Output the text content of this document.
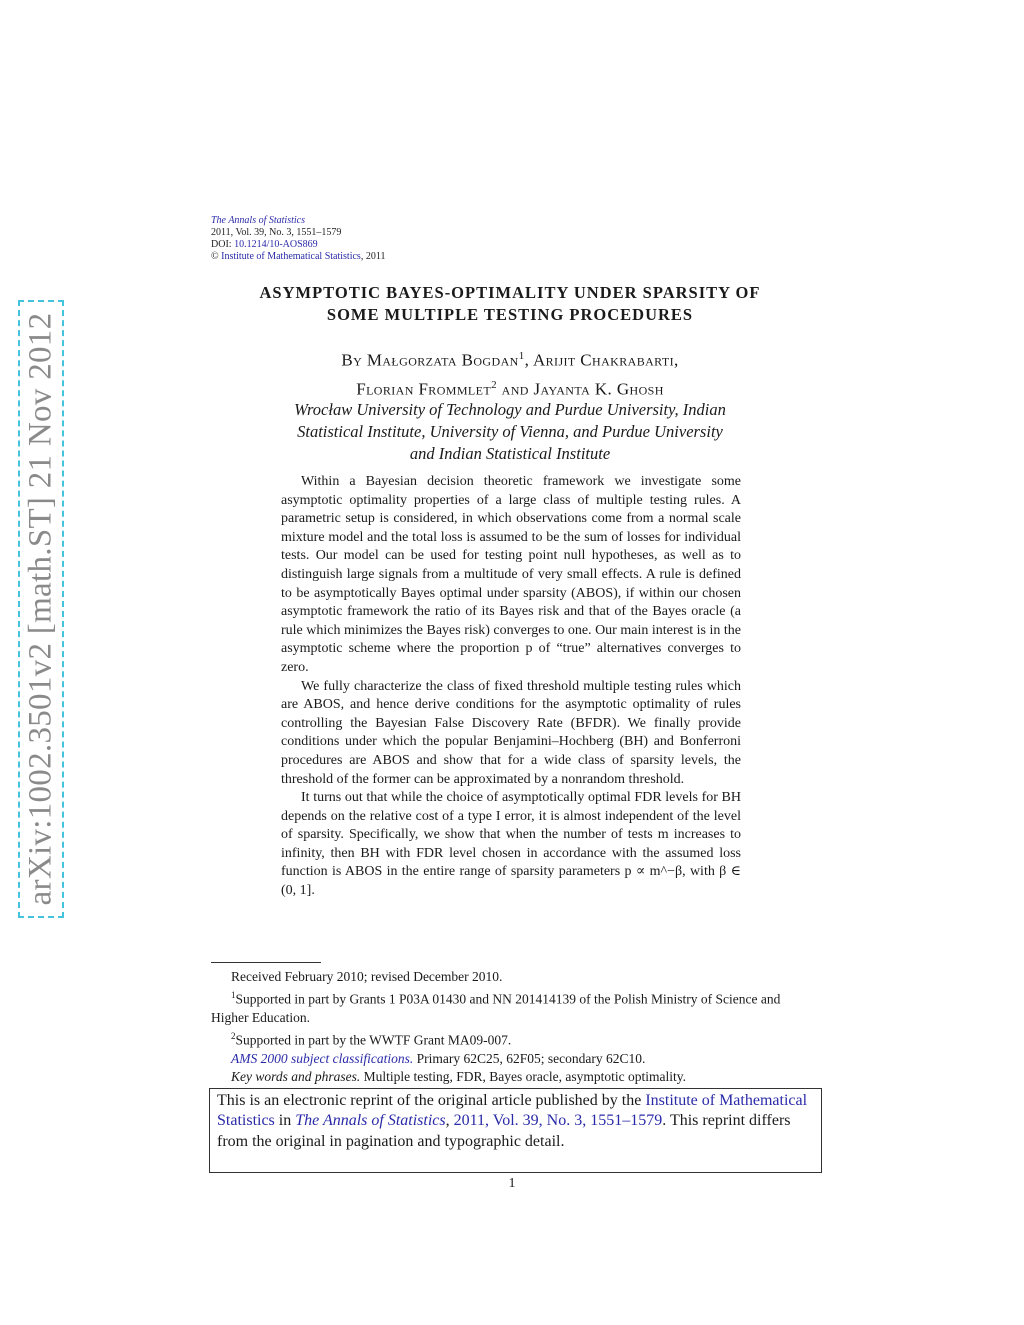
arXiv:1002.3501v2 [math.ST] 21 Nov 2012
The Annals of Statistics
2011, Vol. 39, No. 3, 1551–1579
DOI: 10.1214/10-AOS869
© Institute of Mathematical Statistics, 2011
ASYMPTOTIC BAYES-OPTIMALITY UNDER SPARSITY OF
SOME MULTIPLE TESTING PROCEDURES
By Małgorzata Bogdan$^1$, Arijit Chakrabarti,
Florian Frommlet$^2$ and Jayanta K. Ghosh
Wrocław University of Technology and Purdue University, Indian
Statistical Institute, University of Vienna, and Purdue University
and Indian Statistical Institute

Within a Bayesian decision theoretic framework we investigate some asymptotic optimality properties of a large class of multiple testing rules. A parametric setup is considered, in which observations come from a normal scale mixture model and the total loss is assumed to be the sum of losses for individual tests. Our model can be used for testing point null hypotheses, as well as to distinguish large signals from a multitude of very small effects. A rule is defined to be asymptotically Bayes optimal under sparsity (ABOS), if within our chosen asymptotic framework the ratio of its Bayes risk and that of the Bayes oracle (a rule which minimizes the Bayes risk) converges to one. Our main interest is in the asymptotic scheme where the proportion p of “true” alternatives converges to zero.

We fully characterize the class of fixed threshold multiple testing rules which are ABOS, and hence derive conditions for the asymptotic optimality of rules controlling the Bayesian False Discovery Rate (BFDR). We finally provide conditions under which the popular Benjamini–Hochberg (BH) and Bonferroni procedures are ABOS and show that for a wide class of sparsity levels, the threshold of the former can be approximated by a nonrandom threshold.

It turns out that while the choice of asymptotically optimal FDR levels for BH depends on the relative cost of a type I error, it is almost independent of the level of sparsity. Specifically, we show that when the number of tests m increases to infinity, then BH with FDR level chosen in accordance with the assumed loss function is ABOS in the entire range of sparsity parameters p ∝ m^−β, with β ∈ (0, 1].

Received February 2010; revised December 2010.

$^1$Supported in part by Grants 1 P03A 01430 and NN 201414139 of the Polish Ministry of Science and Higher Education.

$^2$Supported in part by the WWTF Grant MA09-007.

AMS 2000 subject classifications. Primary 62C25, 62F05; secondary 62C10.

Key words and phrases. Multiple testing, FDR, Bayes oracle, asymptotic optimality.

This is an electronic reprint of the original article published by the Institute of Mathematical Statistics in The Annals of Statistics, 2011, Vol. 39, No. 3, 1551–1579. This reprint differs from the original in pagination and typographic detail.
1
